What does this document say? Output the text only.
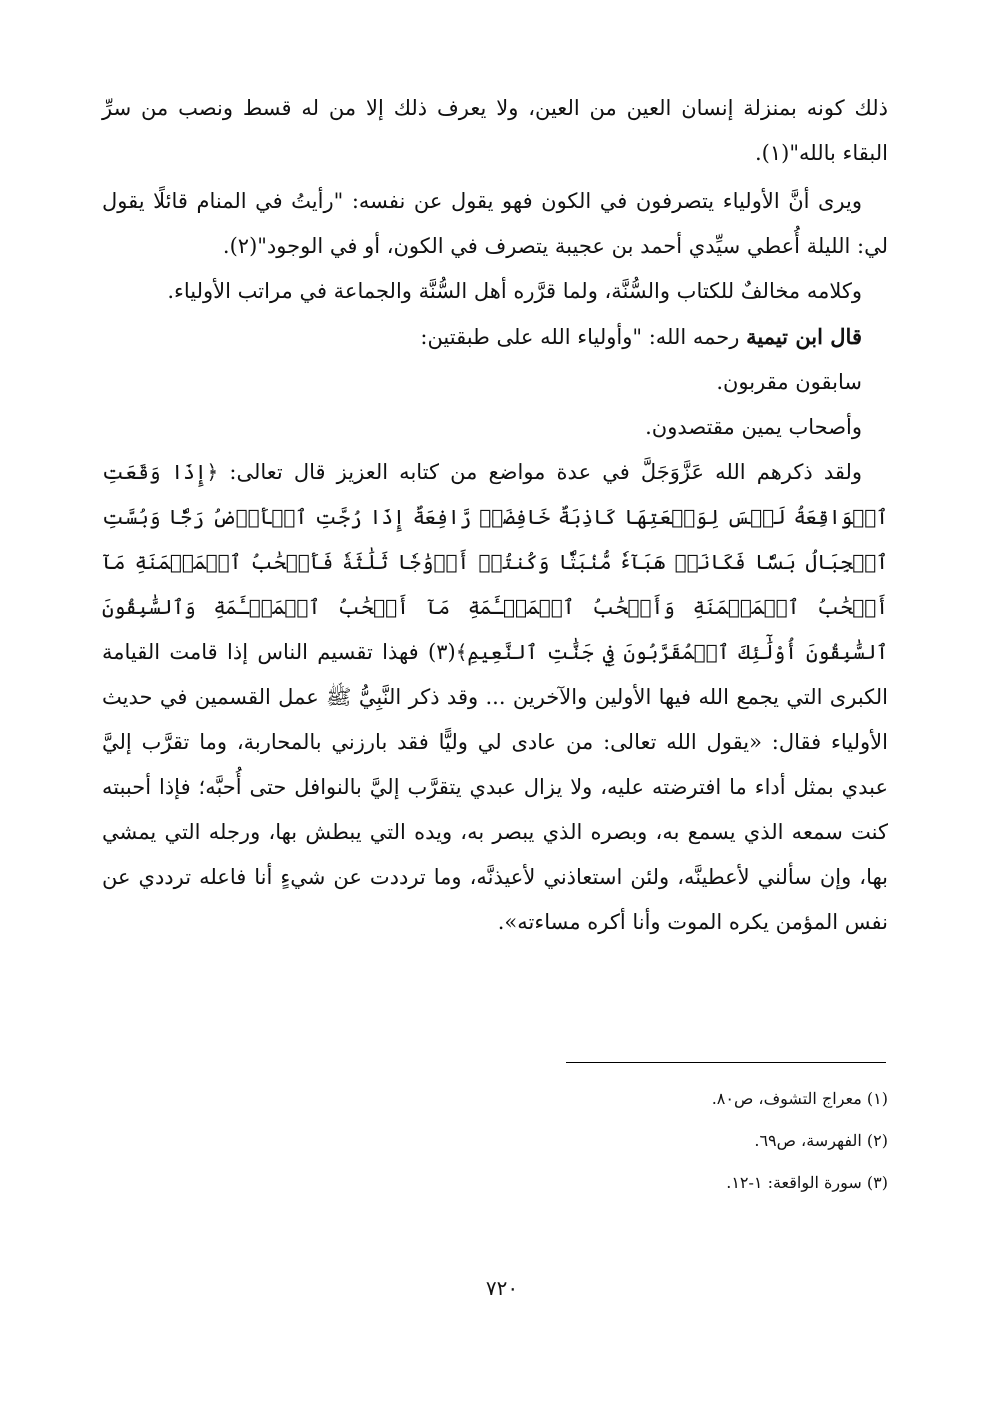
ذلك كونه بمنزلة إنسان العين من العين، ولا يعرف ذلك إلا من له قسط ونصب من سرِّ البقاء بالله"(١).

ويرى أنَّ الأولياء يتصرفون في الكون فهو يقول عن نفسه: "رأيتُ في المنام قائلًا يقول لي: الليلة أُعطي سيِّدي أحمد بن عجيبة يتصرف في الكون، أو في الوجود"(٢).

وكلامه مخالفٌ للكتاب والسُّنَّة، ولما قرَّره أهل السُّنَّة والجماعة في مراتب الأولياء.

قال ابن تيمية رحمه الله: "وأولياء الله على طبقتين:

سابقون مقربون.

وأصحاب يمين مقتصدون.

ولقد ذكرهم الله عَزَّوَجَلَّ في عدة مواضع من كتابه العزيز قال تعالى: ﴿إِذَا وَقَعَتِ ٱلۡوَاقِعَةُ لَيۡسَ لِوَقۡعَتِهَا كَاذِبَةٌ خَافِضَةٞ رَّافِعَةٌ إِذَا رُجَّتِ ٱلۡأَرۡضُ رَجّٗا وَبُسَّتِ ٱلۡجِبَالُ بَسّٗا فَكَانَتۡ هَبَآءٗ مُّنۢبَثّٗا وَكُنتُمۡ أَزۡوَٰجٗا ثَلَٰثَةٗ فَأَصۡحَٰبُ ٱلۡمَيۡمَنَةِ مَآ أَصۡحَٰبُ ٱلۡمَيۡمَنَةِ وَأَصۡحَٰبُ ٱلۡمَشۡـَٔمَةِ مَآ أَصۡحَٰبُ ٱلۡمَشۡـَٔمَةِ وَٱلسَّٰبِقُونَ ٱلسَّٰبِقُونَ أُوْلَٰٓئِكَ ٱلۡمُقَرَّبُونَ فِي جَنَّٰتِ ٱلنَّعِيمِ﴾(٣) فهذا تقسيم الناس إذا قامت القيامة الكبرى التي يجمع الله فيها الأولين والآخرين ... وقد ذكر النَّبِيُّ ﷺ عمل القسمين في حديث الأولياء فقال: «يقول الله تعالى: من عادى لي وليًّا فقد بارزني بالمحاربة، وما تقرَّب إليَّ عبدي بمثل أداء ما افترضته عليه، ولا يزال عبدي يتقرَّب إليَّ بالنوافل حتى أُحبَّه؛ فإذا أحببته كنت سمعه الذي يسمع به، وبصره الذي يبصر به، ويده التي يبطش بها، ورجله التي يمشي بها، وإن سألني لأعطينَّه، ولئن استعاذني لأعيذنَّه، وما ترددت عن شيءٍ أنا فاعله ترددي عن نفس المؤمن يكره الموت وأنا أكره مساءته».

(١) معراج التشوف، ص٨٠.

(٢) الفهرسة، ص٦٩.

(٣) سورة الواقعة: ١-١٢.

٧٢٠
